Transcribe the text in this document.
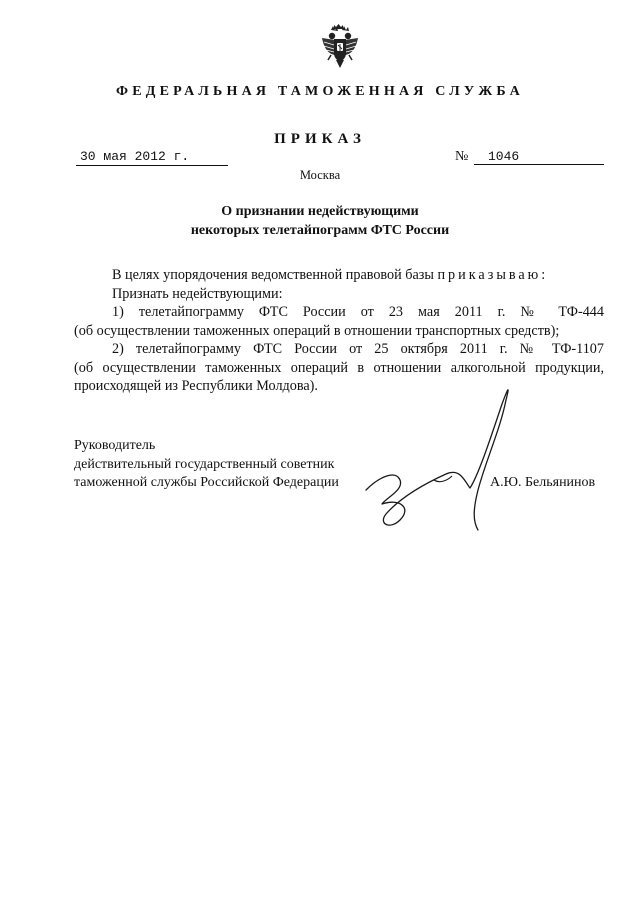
ФЕДЕРАЛЬНАЯ ТАМОЖЕННАЯ СЛУЖБА
ПРИКАЗ
30 мая 2012 г.	№	1046
Москва
О признании недействующими
некоторых телетайпограмм ФТС России
В целях упорядочения ведомственной правовой базы приказываю:
Признать недействующими:
1) телетайпограмму ФТС России от 23 мая 2011 г. № ТФ-444
(об осуществлении таможенных операций в отношении транспортных средств);
2) телетайпограмму ФТС России от 25 октября 2011 г. № ТФ-1107
(об осуществлении таможенных операций в отношении алкогольной продукции,
происходящей из Республики Молдова).
Руководитель
действительный государственный советник
таможенной службы Российской Федерации	А.Ю. Бельянинов
